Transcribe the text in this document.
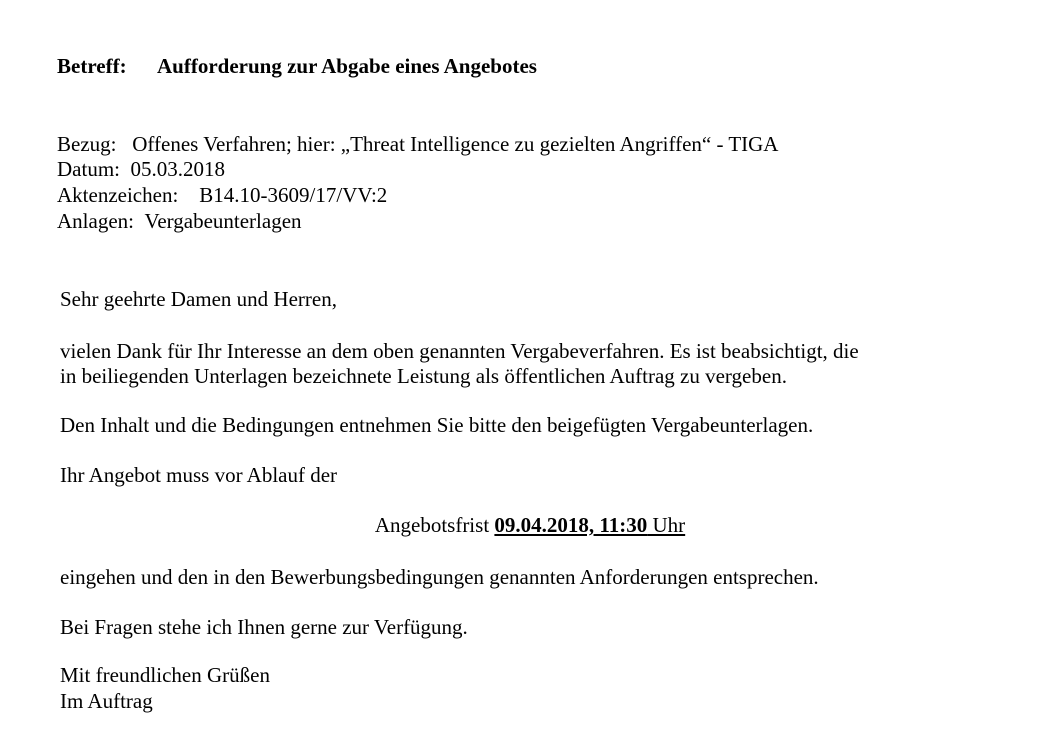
Betreff: Aufforderung zur Abgabe eines Angebotes
Bezug: Offenes Verfahren; hier: „Threat Intelligence zu gezielten Angriffen“ - TIGA
Datum: 05.03.2018
Aktenzeichen: B14.10-3609/17/VV:2
Anlagen: Vergabeunterlagen
Sehr geehrte Damen und Herren,
vielen Dank für Ihr Interesse an dem oben genannten Vergabeverfahren. Es ist beabsichtigt, die
in beiliegenden Unterlagen bezeichnete Leistung als öffentlichen Auftrag zu vergeben.
Den Inhalt und die Bedingungen entnehmen Sie bitte den beigefügten Vergabeunterlagen.
Ihr Angebot muss vor Ablauf der
Angebotsfrist 09.04.2018, 11:30 Uhr
eingehen und den in den Bewerbungsbedingungen genannten Anforderungen entsprechen.
Bei Fragen stehe ich Ihnen gerne zur Verfügung.
Mit freundlichen Grüßen
Im Auftrag
